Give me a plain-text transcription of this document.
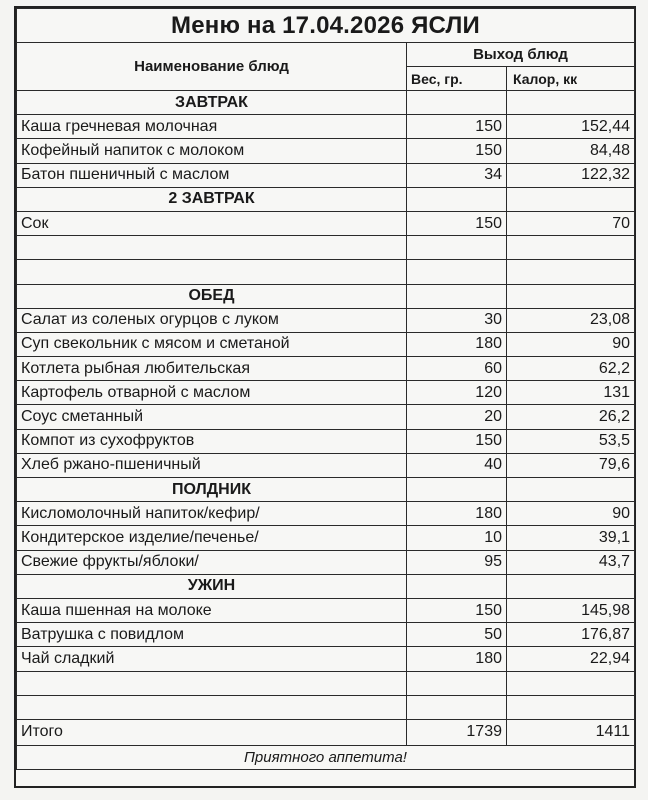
Меню на 17.04.2026 ЯСЛИ		
Наименование блюд	Выход блюд	
	Вес, гр.	Калор, кк
ЗАВТРАК		
Каша гречневая молочная	150	152,44
Кофейный напиток с молоком	150	84,48
Батон пшеничный с маслом	34	122,32
2 ЗАВТРАК		
Сок	150	70

ОБЕД		
Салат из соленых огурцов с луком	30	23,08
Суп свекольник с мясом и сметаной	180	90
Котлета рыбная любительская	60	62,2
Картофель отварной с маслом	120	131
Соус сметанный	20	26,2
Компот из сухофруктов	150	53,5
Хлеб ржано-пшеничный	40	79,6
ПОЛДНИК		
Кисломолочный напиток/кефир/	180	90
Кондитерское изделие/печенье/	10	39,1
Свежие фрукты/яблоки/	95	43,7
УЖИН		
Каша пшенная на молоке	150	145,98
Ватрушка с повидлом	50	176,87
Чай сладкий	180	22,94

Итого	1739	1411
Приятного аппетита!		
